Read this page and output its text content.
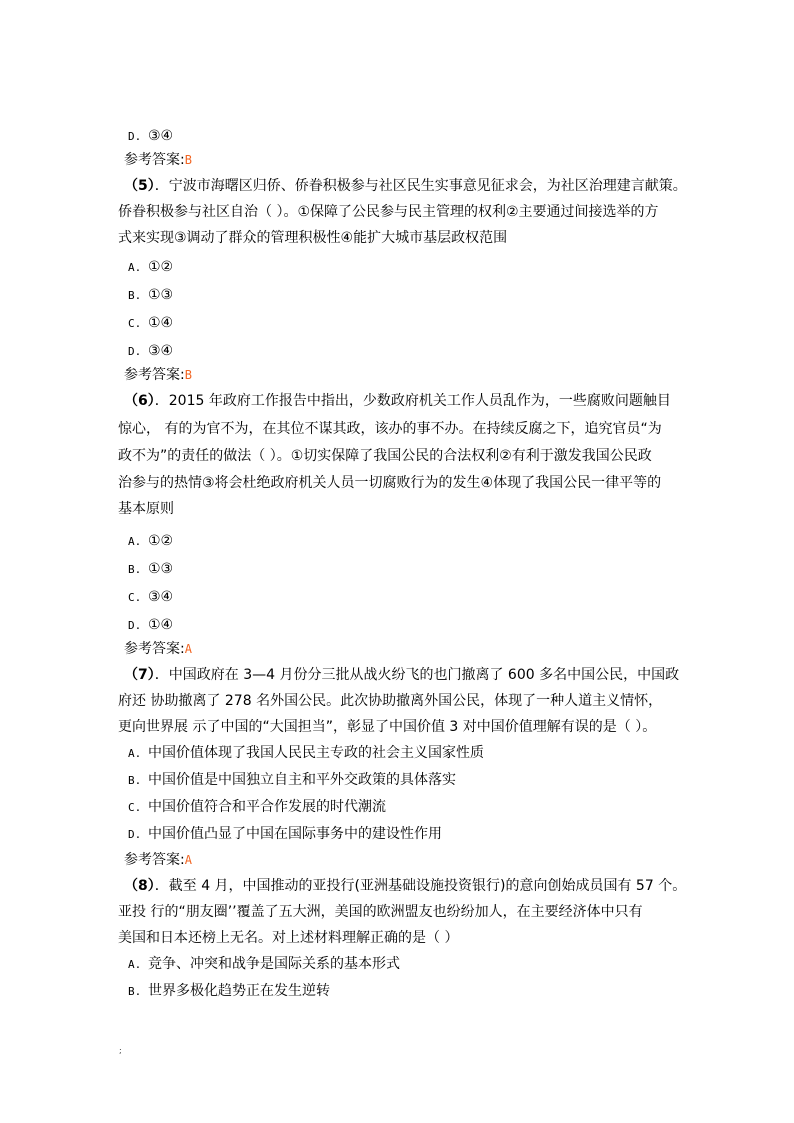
D. ③④
参考答案:B
（5）．宁波市海曙区归侨、侨眷积极参与社区民生实事意见征求会，为社区治理建言献策。
侨眷积极参与社区自治（ ）。①保障了公民参与民主管理的权利②主要通过间接选举的方
式来实现③调动了群众的管理积极性④能扩大城市基层政权范围
A. ①②
B. ①③
C. ①④
D. ③④
参考答案:B
（6）．2015 年政府工作报告中指出，少数政府机关工作人员乱作为，一些腐败问题触目
惊心， 有的为官不为，在其位不谋其政，该办的事不办。在持续反腐之下，追究官员“为
政不为”的责任的做法（ ）。①切实保障了我国公民的合法权利②有利于激发我国公民政
治参与的热情③将会杜绝政府机关人员一切腐败行为的发生④体现了我国公民一律平等的
基本原则
A. ①②
B. ①③
C. ③④
D. ①④
参考答案:A
（7）．中国政府在 3—4 月份分三批从战火纷飞的也门撤离了 600 多名中国公民，中国政
府还 协助撤离了 278 名外国公民。此次协助撤离外国公民，体现了一种人道主义情怀，
更向世界展 示了中国的“大国担当”，彰显了中国价值 3 对中国价值理解有误的是（ ）。
A. 中国价值体现了我国人民民主专政的社会主义国家性质
B. 中国价值是中国独立自主和平外交政策的具体落实
C. 中国价值符合和平合作发展的时代潮流
D. 中国价值凸显了中国在国际事务中的建设性作用
参考答案:A
（8）．截至 4 月，中国推动的亚投行(亚洲基础设施投资银行)的意向创始成员国有 57 个。
亚投 行的“朋友圈’’覆盖了五大洲，美国的欧洲盟友也纷纷加人，在主要经济体中只有
美国和日本还榜上无名。对上述材料理解正确的是（ ）
A. 竞争、冲突和战争是国际关系的基本形式
B. 世界多极化趋势正在发生逆转
;
